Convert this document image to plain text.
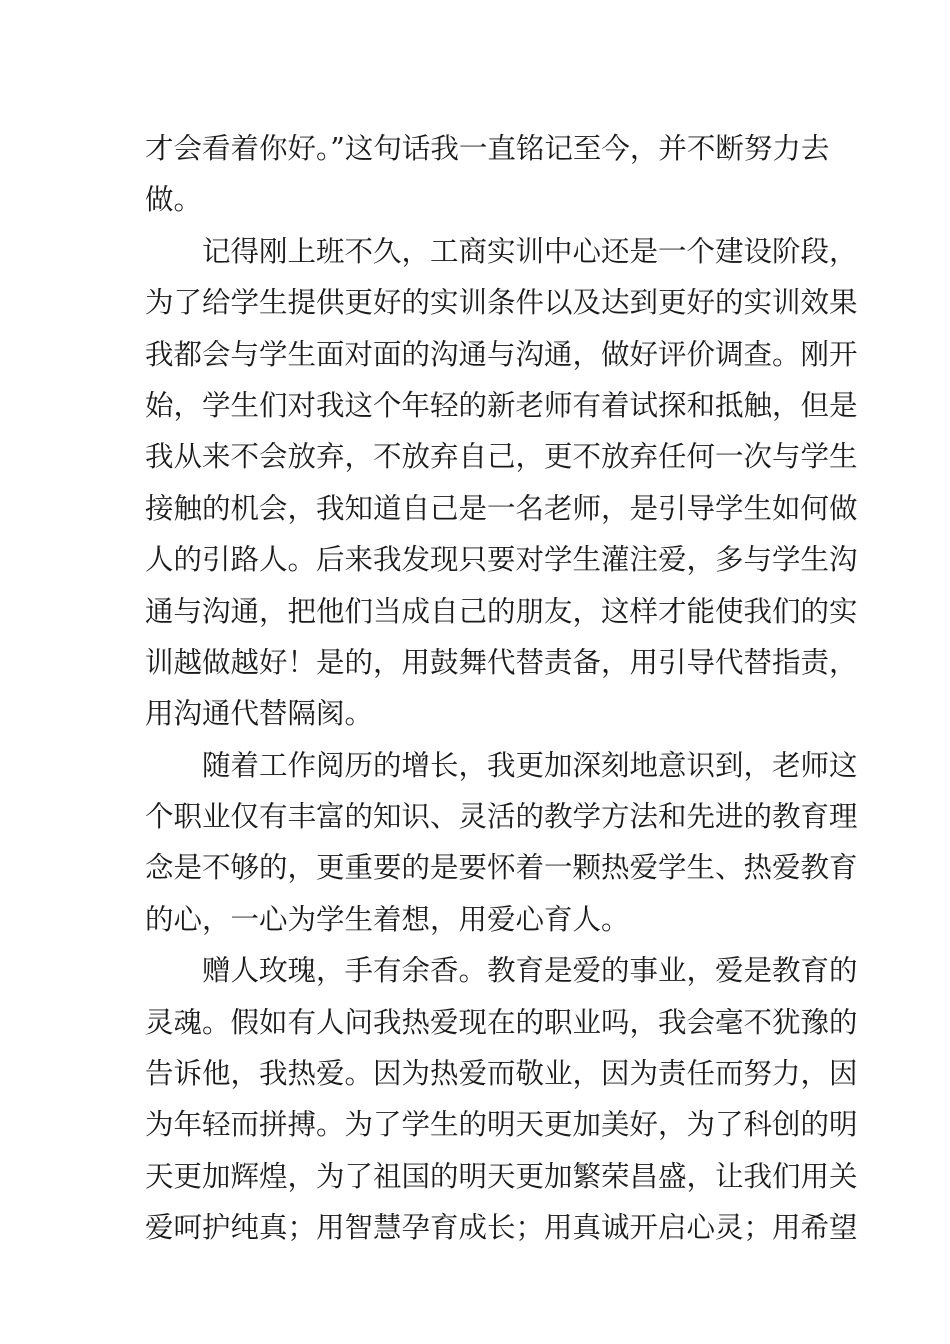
才会看着你好。”这句话我一直铭记至今，并不断努力去
做。
记得刚上班不久，工商实训中心还是一个建设阶段，
为了给学生提供更好的实训条件以及达到更好的实训效果
我都会与学生面对面的沟通与沟通，做好评价调查。刚开
始，学生们对我这个年轻的新老师有着试探和抵触，但是
我从来不会放弃，不放弃自己，更不放弃任何一次与学生
接触的机会，我知道自己是一名老师，是引导学生如何做
人的引路人。后来我发现只要对学生灌注爱，多与学生沟
通与沟通，把他们当成自己的朋友，这样才能使我们的实
训越做越好！是的，用鼓舞代替责备，用引导代替指责，
用沟通代替隔阂。
随着工作阅历的增长，我更加深刻地意识到，老师这
个职业仅有丰富的知识、灵活的教学方法和先进的教育理
念是不够的，更重要的是要怀着一颗热爱学生、热爱教育
的心，一心为学生着想，用爱心育人。
赠人玫瑰，手有余香。教育是爱的事业，爱是教育的
灵魂。假如有人问我热爱现在的职业吗，我会毫不犹豫的
告诉他，我热爱。因为热爱而敬业，因为责任而努力，因
为年轻而拼搏。为了学生的明天更加美好，为了科创的明
天更加辉煌，为了祖国的明天更加繁荣昌盛，让我们用关
爱呵护纯真；用智慧孕育成长；用真诚开启心灵；用希望
